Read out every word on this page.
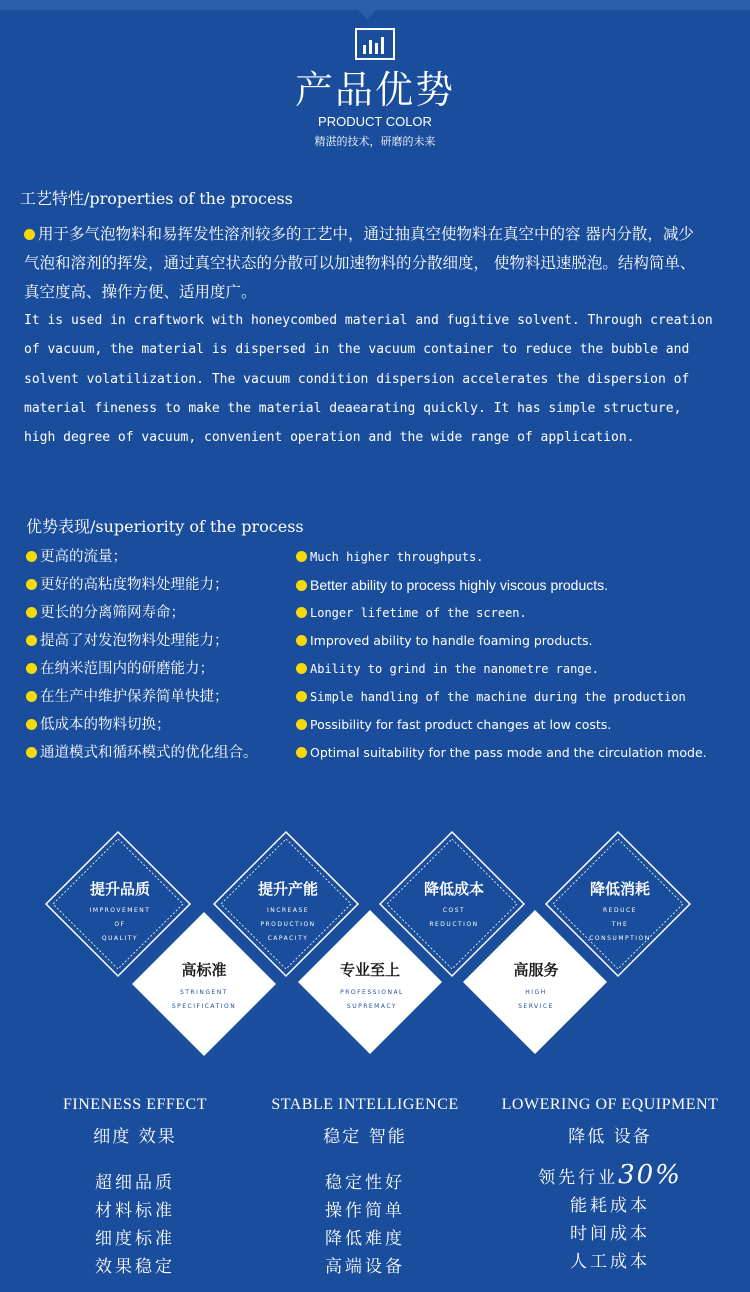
产品优势
PRODUCT COLOR
精湛的技术，研磨的未来
工艺特性/properties of the process
用于多气泡物料和易挥发性溶剂较多的工艺中，通过抽真空使物料在真空中的容 器内分散，减少气泡和溶剂的挥发，通过真空状态的分散可以加速物料的分散细度， 使物料迅速脱泡。结构简单、真空度高、操作方便、适用度广。
It is used in craftwork with honeycombed material and fugitive solvent. Through creation of vacuum, the material is dispersed in the vacuum container to reduce the bubble and solvent volatilization. The vacuum condition dispersion accelerates the dispersion of material fineness to make the material deaearating quickly. It has simple structure, high degree of vacuum, convenient operation and the wide range of application.
优势表现/superiority of the process
更高的流量；	Much higher throughputs.
更好的高粘度物料处理能力；	Better ability to process highly viscous products.
更长的分离筛网寿命；	Longer lifetime of the screen.
提高了对发泡物料处理能力；	Improved ability to handle foaming products.
在纳米范围内的研磨能力；	Ability to grind in the nanometre range.
在生产中维护保养简单快捷；	Simple handling of the machine during the production
低成本的物料切换；	Possibility for fast product changes at low costs.
通道模式和循环模式的优化组合。	Optimal suitability for the pass mode and the circulation mode.
提升品质
IMPROVEMENT
OF
QUALITY
提升产能
INCREASE
PRODUCTION
CAPACITY
降低成本
COST
REDUCTION
降低消耗
REDUCE
THE
CONSUMPTION
高标准
STRINGENT
SPECIFICATION
专业至上
PROFESSIONAL
SUPREMACY
高服务
HIGH
SERVICE
FINENESS EFFECT
细度 效果
超细品质
材料标准
细度标准
效果稳定
STABLE INTELLIGENCE
稳定 智能
稳定性好
操作简单
降低难度
高端设备
LOWERING OF EQUIPMENT
降低 设备
领先行业30%
能耗成本
时间成本
人工成本
